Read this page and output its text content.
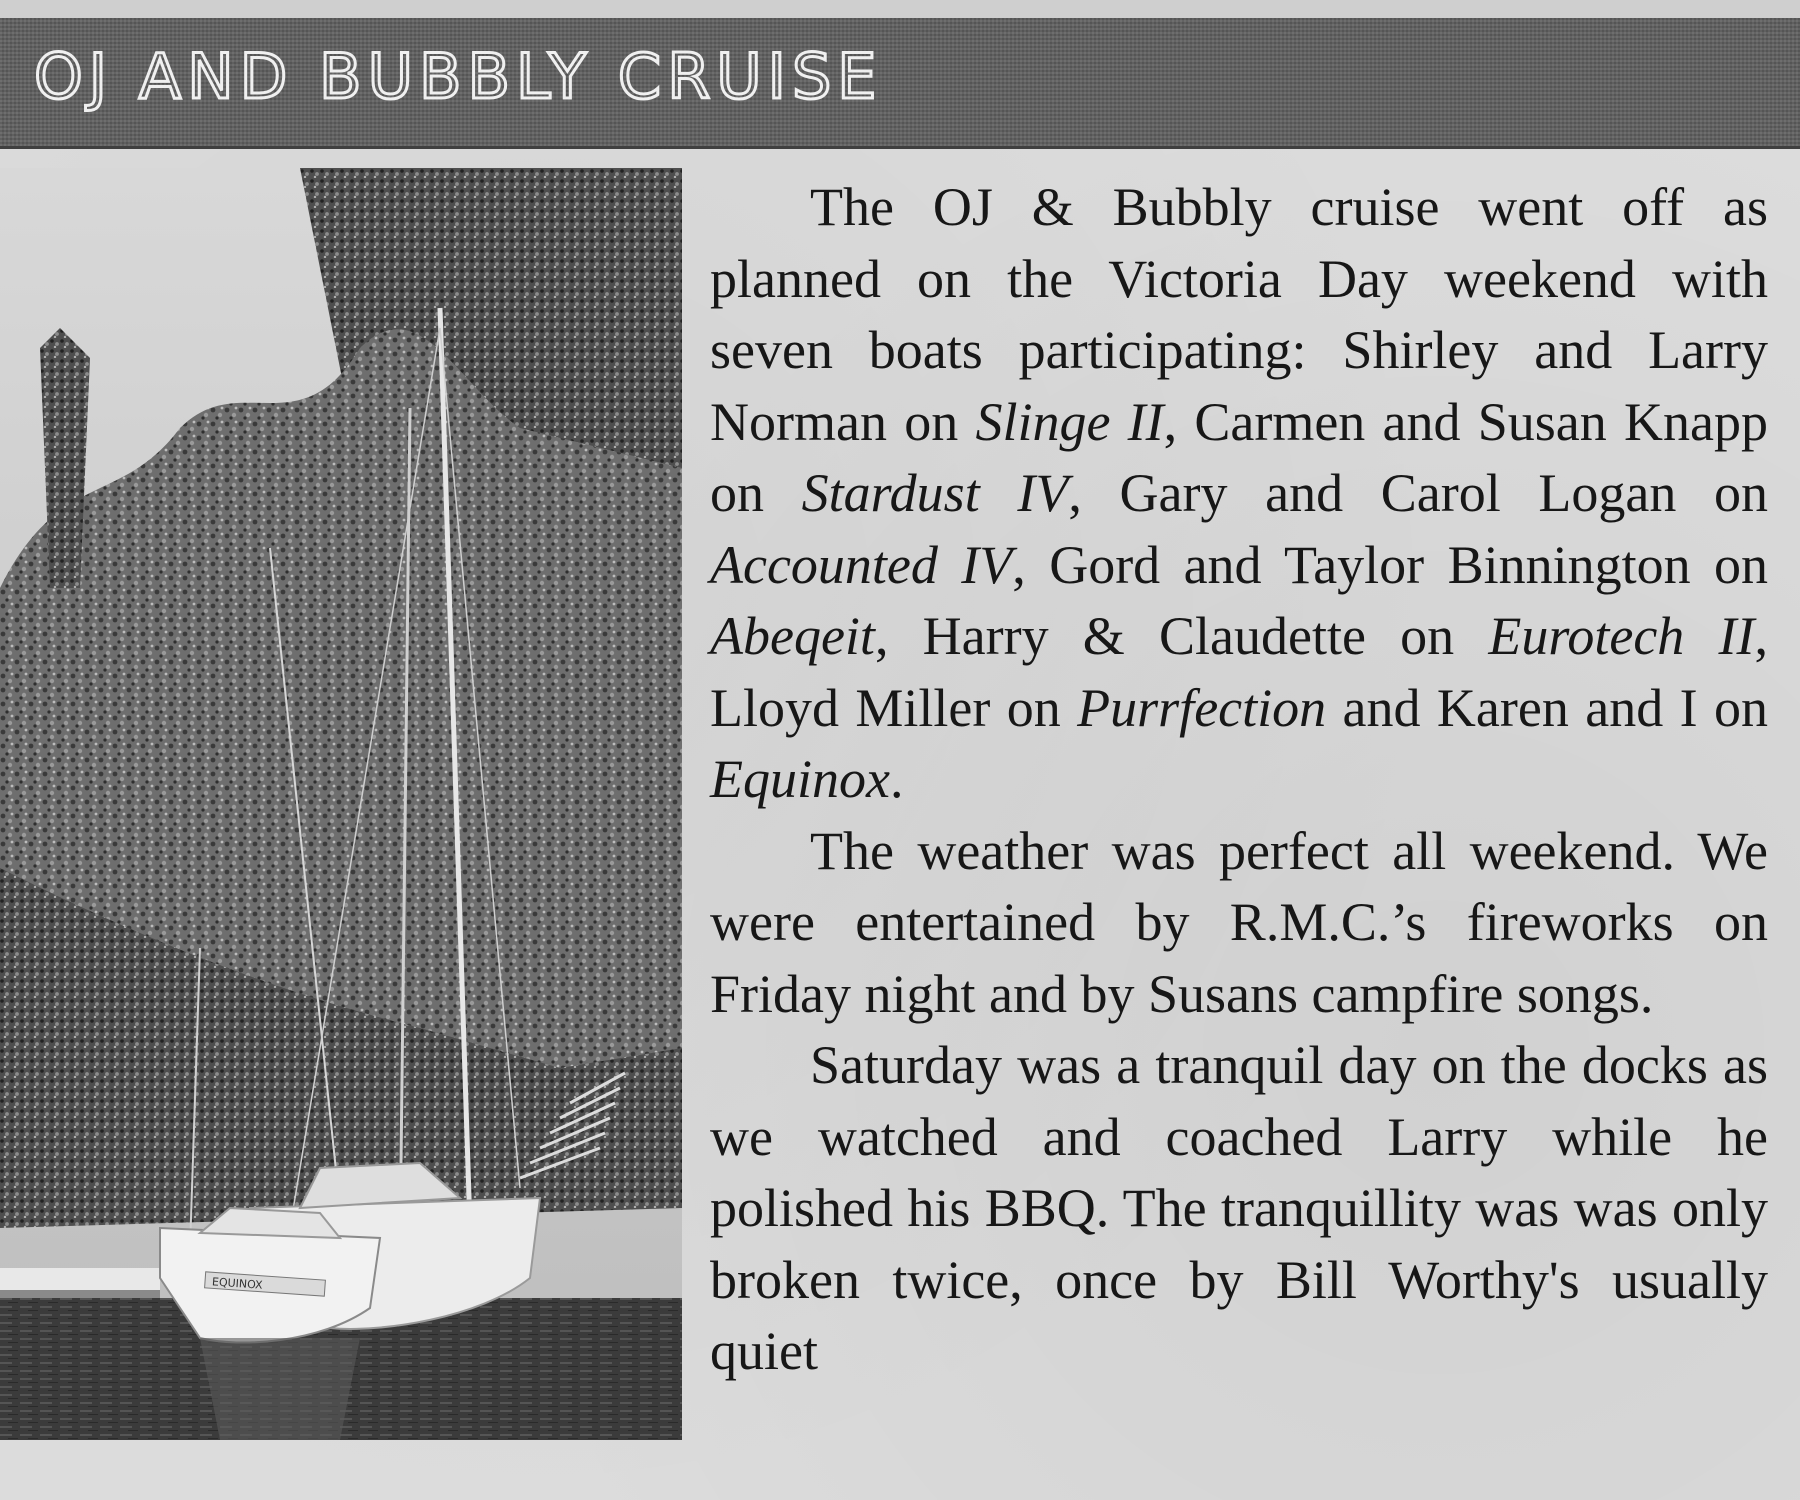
OJ AND BUBBLY CRUISE
EQUINOX

The OJ & Bubbly cruise went off as planned on the Victoria Day weekend with seven boats participating: Shirley and Larry Norman on Slinge II, Carmen and Susan Knapp on Stardust IV, Gary and Carol Logan on Accounted IV, Gord and Taylor Binnington on Abeqeit, Harry & Claudette on Eurotech II, Lloyd Miller on Purrfection and Karen and I on Equinox.

The weather was perfect all weekend. We were entertained by R.M.C.’s fireworks on Friday night and by Susans campfire songs.

Saturday was a tranquil day on the docks as we watched and coached Larry while he polished his BBQ. The tranquillity was was only broken twice, once by Bill Worthy's usually quiet
